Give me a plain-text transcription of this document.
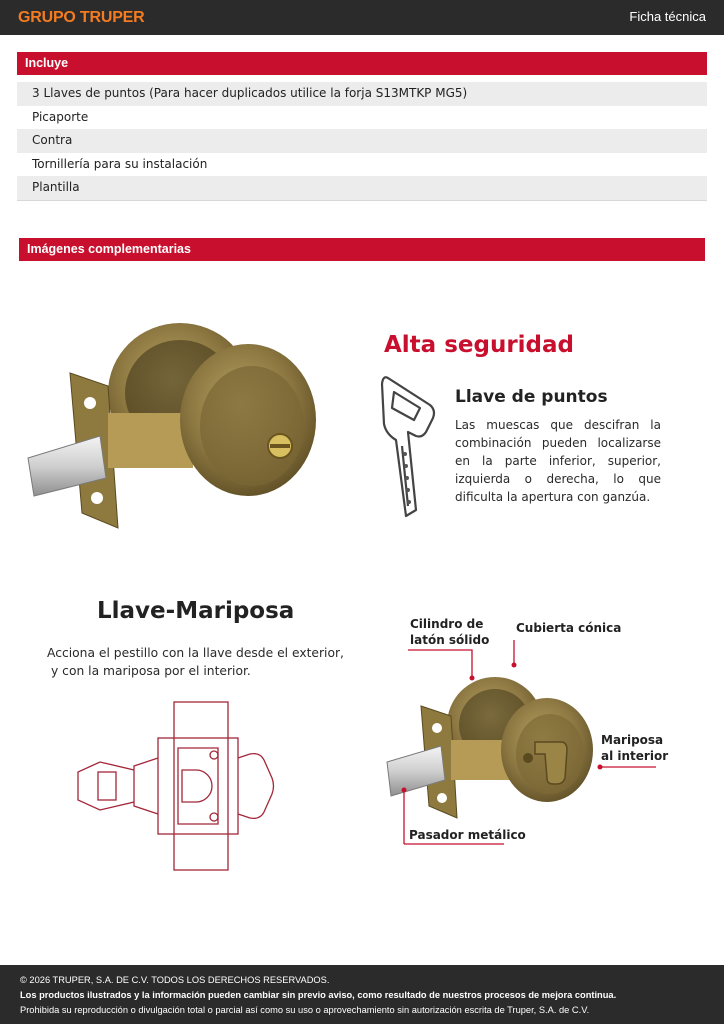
GRUPO TRUPER	Ficha técnica
Incluye
3 Llaves de puntos (Para hacer duplicados utilice la forja S13MTKP MG5)
Picaporte
Contra
Tornillería para su instalación
Plantilla
Imágenes complementarias
Alta seguridad
Llave de puntos
Las muescas que descifran la combinación pueden localizarse en la parte inferior, superior, izquierda o derecha, lo que dificulta la apertura con ganzúa.
Llave-Mariposa
Acciona el pestillo con la llave desde el exterior,
y con la mariposa por el interior.
Cilindro de
latón sólido
Cubierta cónica
Mariposa
al interior
Pasador metálico
© 2026 TRUPER, S.A. DE C.V. TODOS LOS DERECHOS RESERVADOS.
Los productos ilustrados y la información pueden cambiar sin previo aviso, como resultado de nuestros procesos de mejora continua.
Prohibida su reproducción o divulgación total o parcial así como su uso o aprovechamiento sin autorización escrita de Truper, S.A. de C.V.
